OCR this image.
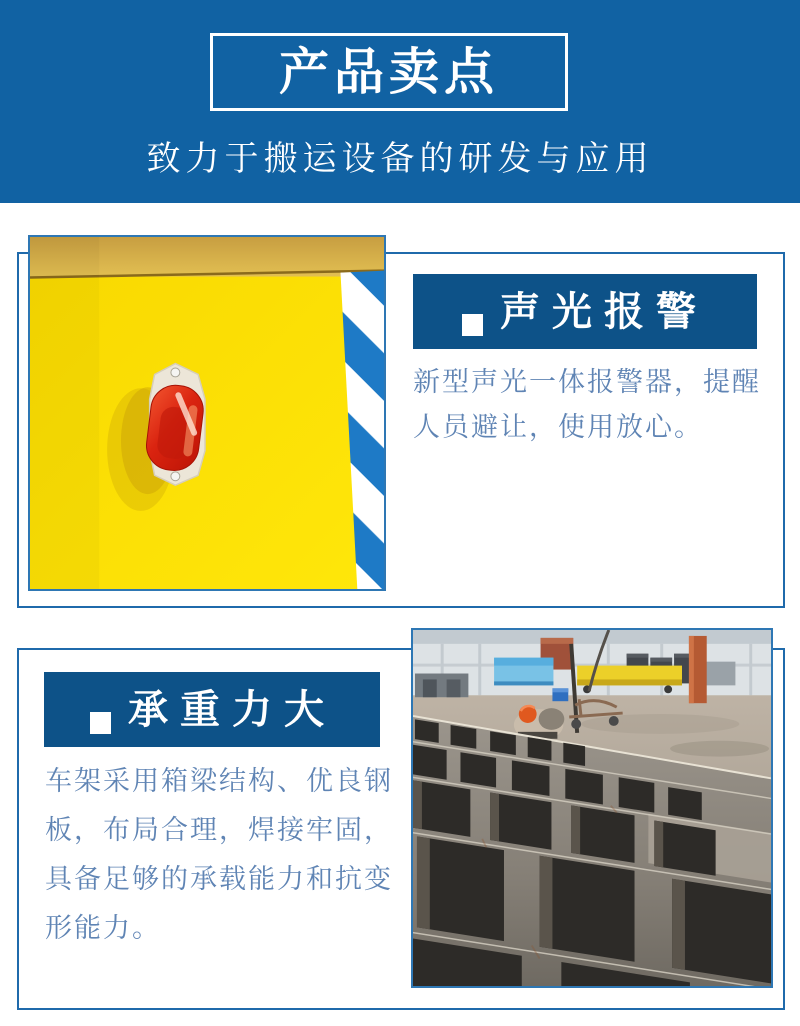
产品卖点
致力于搬运设备的研发与应用
声光报警

新型声光一体报警器，提醒人员避让，使用放心。

承重力大

车架采用箱梁结构、优良钢板，布局合理，焊接牢固，具备足够的承载能力和抗变形能力。
